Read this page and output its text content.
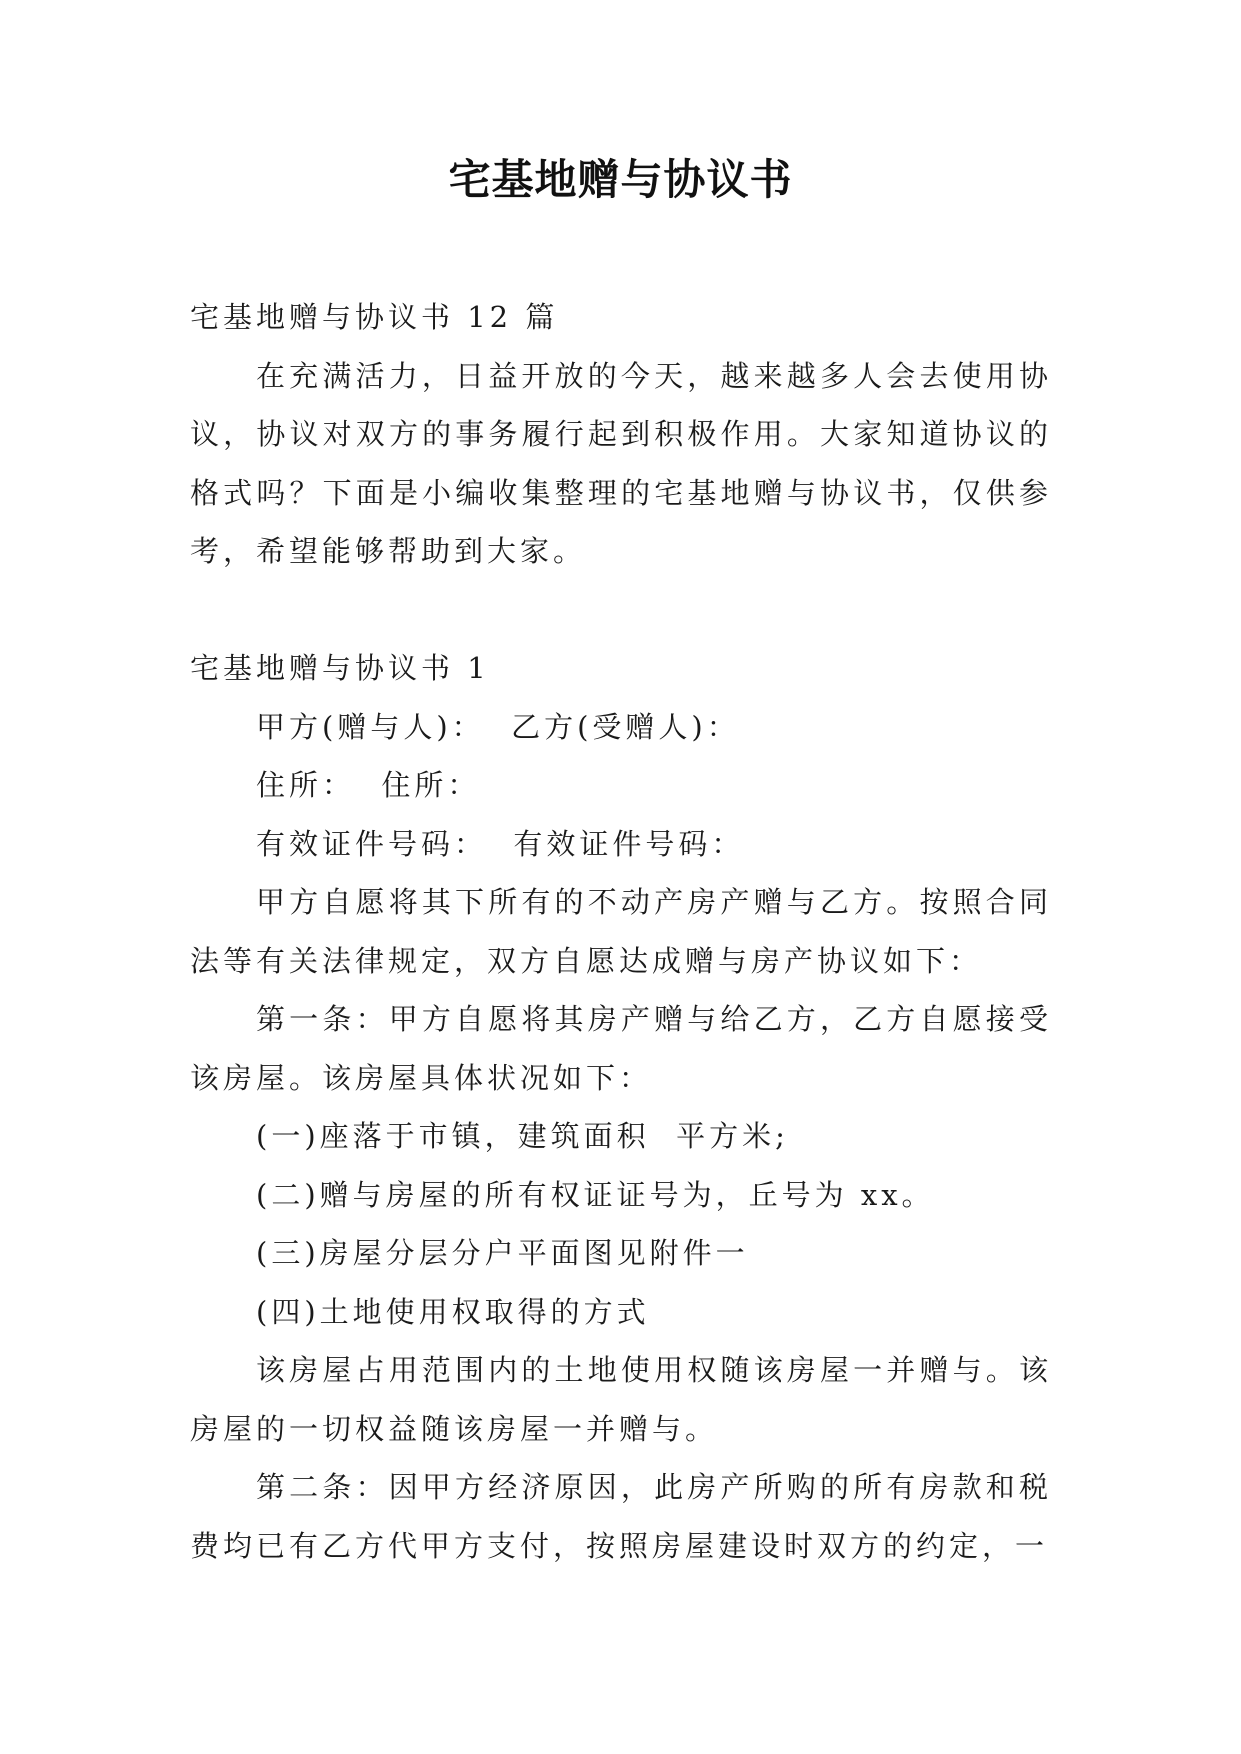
宅基地赠与协议书

宅基地赠与协议书 12 篇

在充满活力，日益开放的今天，越来越多人会去使用协议，协议对双方的事务履行起到积极作用。大家知道协议的格式吗？下面是小编收集整理的宅基地赠与协议书，仅供参考，希望能够帮助到大家。

宅基地赠与协议书 1

甲方(赠与人)：  乙方(受赠人)：

住所：  住所：

有效证件号码：  有效证件号码：

甲方自愿将其下所有的不动产房产赠与乙方。按照合同法等有关法律规定，双方自愿达成赠与房产协议如下：

第一条：甲方自愿将其房产赠与给乙方，乙方自愿接受该房屋。该房屋具体状况如下：

(一)座落于市镇，建筑面积  平方米;

(二)赠与房屋的所有权证证号为，丘号为 xx。

(三)房屋分层分户平面图见附件一

(四)土地使用权取得的方式

该房屋占用范围内的土地使用权随该房屋一并赠与。该房屋的一切权益随该房屋一并赠与。

第二条：因甲方经济原因，此房产所购的所有房款和税费均已有乙方代甲方支付，按照房屋建设时双方的约定，一
